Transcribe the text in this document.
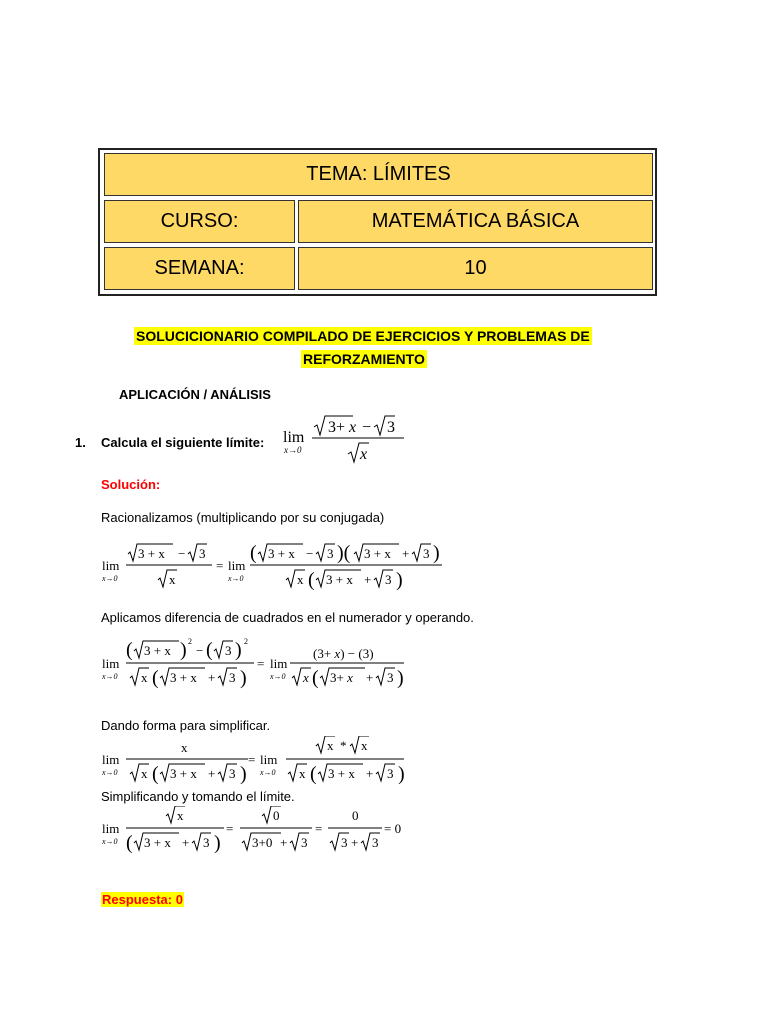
TEMA: LÍMITES
CURSO:	MATEMÁTICA BÁSICA
SEMANA:	10
SOLUCICIONARIO COMPILADO DE EJERCICIOS Y PROBLEMAS DE
REFORZAMIENTO
APLICACIÓN / ANÁLISIS
1. Calcula el siguiente límite: lim
x→0
3+ x − 3
x
Solución:
Racionalizamos (multiplicando por su conjugada)
lim
x→0
3 + x − 3
x
= lim
x→0
( 3 + x − 3 )( 3 + x + 3 )
x ( 3 + x + 3 )
Aplicamos diferencia de cuadrados en el numerador y operando.
lim
x→0
( 3 + x ) 2
− ( 3 ) 2
x ( 3 + x + 3 )
= lim
x→0
(3+ x) − (3)
x ( 3+ x + 3 )
Dando forma para simplificar.
lim
x→0
x
x ( 3 + x + 3 )
= lim
x→0
x * x
x ( 3 + x + 3 )
Simplificando y tomando el límite.
lim
x→0
x
( 3 + x + 3 )
=
0
3+0 + 3
=
0
3 + 3
= 0
Respuesta: 0
